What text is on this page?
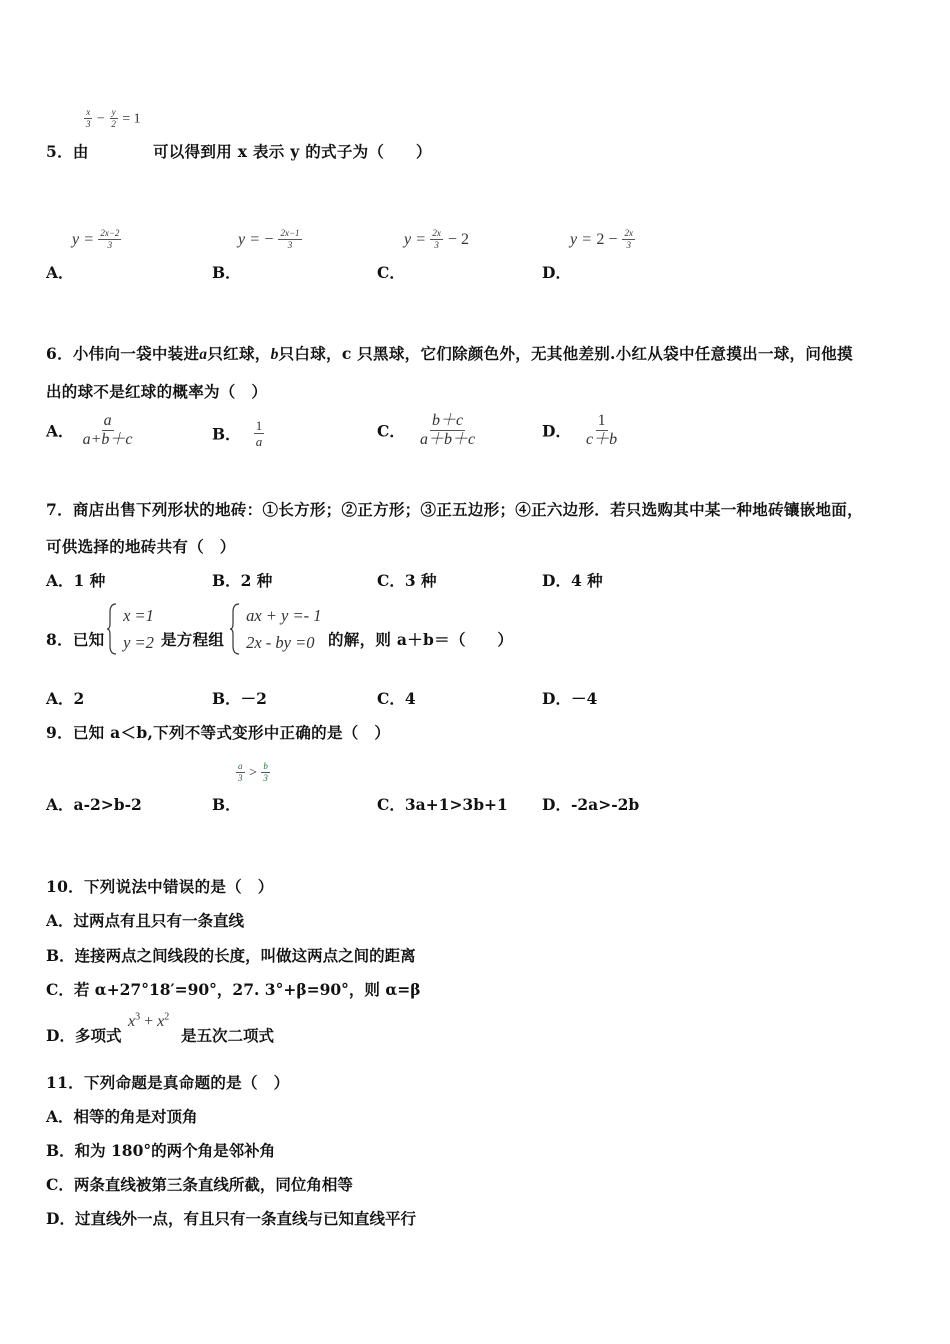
$\frac{x}{3} - \frac{y}{2} = 1$
5．由	可以得到用 x 表示 y 的式子为（　　）
$y = \frac{2x-2}{3}$	y = − $\frac{2x-1}{3}$	$y = \frac{2x}{3} - 2$	$y = 2 - \frac{2x}{3}$
A．	B．	C．	D．
6．小伟向一袋中装进a只红球，b只白球，c 只黑球，它们除颜色外，无其他差别.小红从袋中任意摸出一球，问他摸
出的球不是红球的概率为（　）
A． $\frac{a}{a+b+c}$	B． $\frac{1}{a}$	C． $\frac{b+c}{a+b+c}$	D． $\frac{1}{c+b}$
7．商店出售下列形状的地砖：①长方形；②正方形；③正五边形；④正六边形．若只选购其中某一种地砖镶嵌地面，
可供选择的地砖共有（　）
A．1 种	B．2 种	C．3 种	D．4 种
8．已知

x =1
y =2 是方程组

ax + y =- 1
2x - by =0 的解，则 a＋b＝（　　）
A．2	B．－2	C．4	D．－4
9．已知 a＜b,下列不等式变形中正确的是（　）
$\frac{a}{3} > \frac{b}{3}$
A．a-2>b-2	B．	C．3a+1>3b+1 D．-2a>-2b
10．下列说法中错误的是（　）
A．过两点有且只有一条直线
B．连接两点之间线段的长度，叫做这两点之间的距离
C．若 α+27°18′=90°，27. 3°+β=90°，则 α=β
D．多项式
$x^3 + x^2$
是五次二项式
11．下列命题是真命题的是（　）
A．相等的角是对顶角
B．和为 180°的两个角是邻补角
C．两条直线被第三条直线所截，同位角相等
D．过直线外一点，有且只有一条直线与已知直线平行
